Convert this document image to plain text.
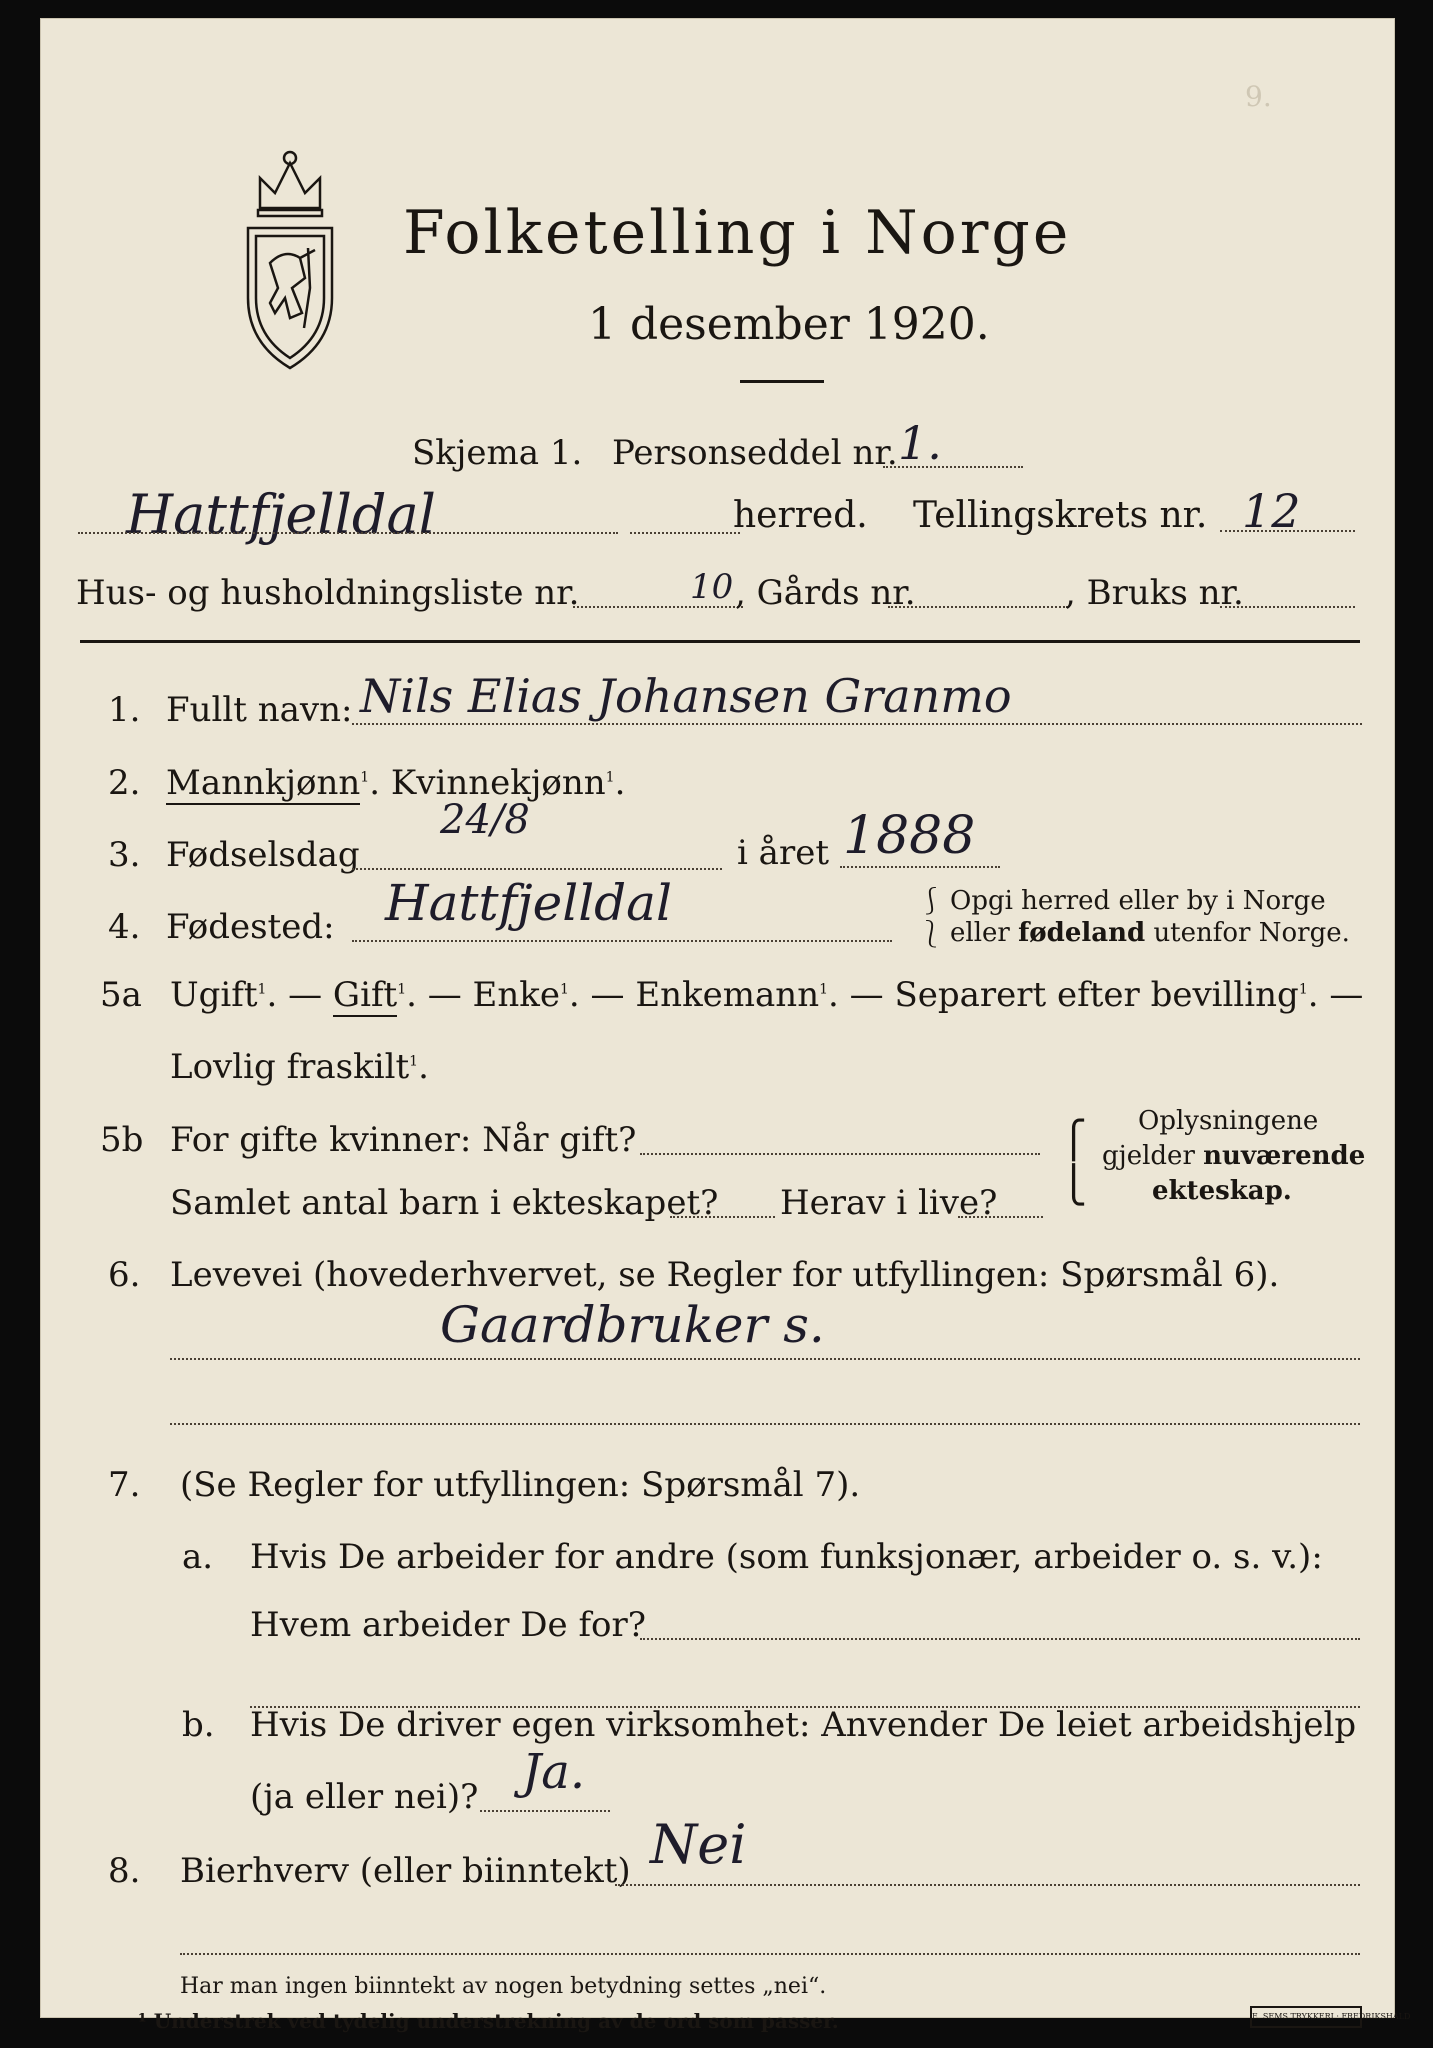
9.
Folketelling i Norge
1 desember 1920.
Skjema 1. Personseddel nr. 1.
Hattfjelldal	herred. Tellingskrets nr. 12
Hus- og husholdningsliste nr.	10 , Gårds nr.	, Bruks nr.
1. Fullt navn: Nils Elias Johansen Granmo
2. Mannkjønn$^1$. Kvinnekjønn$^1$.
3. Fødselsdag
24/8
i året 1888
4. Fødested: Hattfjelldal	⎰
⎱
Opgi herred eller by i Norge
eller fødeland utenfor Norge.
5a Ugift$^1$. — Gift$^1$. — Enke$^1$. — Enkemann$^1$. — Separert efter bevilling$^1$. —
Lovlig fraskilt$^1$.
5b For gifte kvinner: Når gift?
Samlet antal barn i ekteskapet? Herav i live?
⎧
⎩
Oplysningene
gjelder nuværende
ekteskap.
6. Levevei (hovederhvervet, se Regler for utfyllingen: Spørsmål 6).
Gaardbruker s.
7. (Se Regler for utfyllingen: Spørsmål 7).
a. Hvis De arbeider for andre (som funksjonær, arbeider o. s. v.):
Hvem arbeider De for?
b. Hvis De driver egen virksomhet: Anvender De leiet arbeidshjelp
(ja eller nei)? Ja.
8. Bierhverv (eller biinntekt) Nei
Har man ingen biinntekt av nogen betydning settes „nei“.
¹ Understrek ved tydelig understrekning av de ord som passer.	E. SEMS TRYKKERI · FREDRIKSHALD
